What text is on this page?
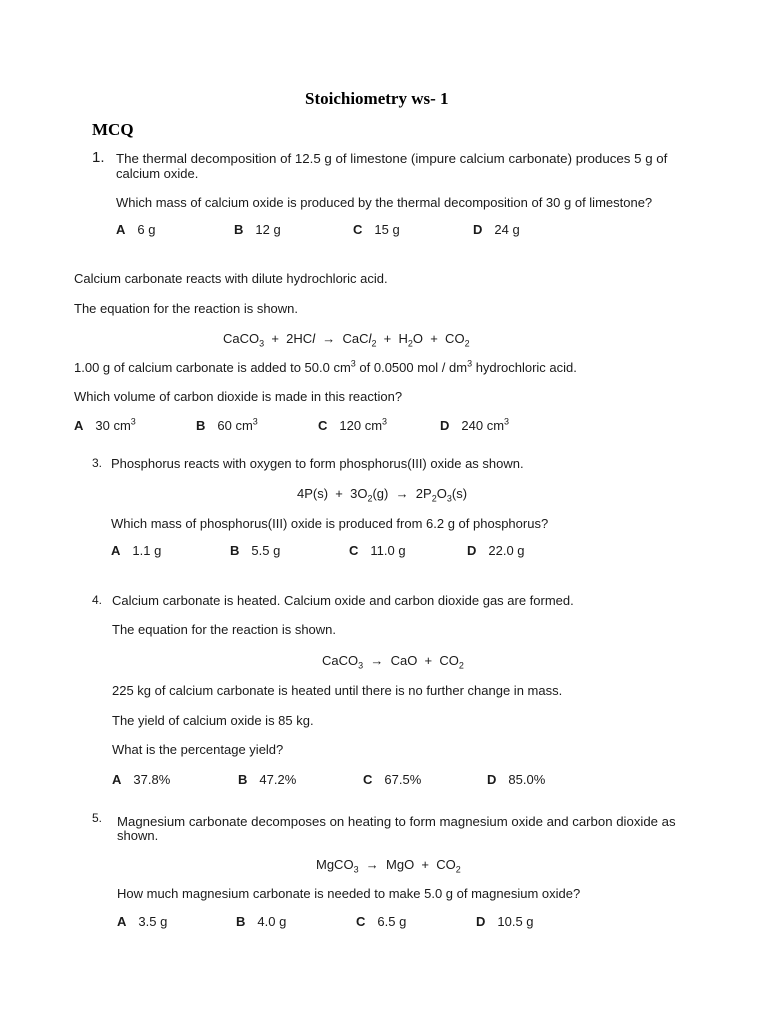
Stoichiometry ws- 1
MCQ
1. The thermal decomposition of 12.5 g of limestone (impure calcium carbonate) produces 5 g of
calcium oxide.
Which mass of calcium oxide is produced by the thermal decomposition of 30 g of limestone?
A 6 g	B 12 g	C 15 g	D 24 g
Calcium carbonate reacts with dilute hydrochloric acid.
The equation for the reaction is shown.
CaCO$_3$  +  2HCl  →  CaCl$_2$  +  $H_2O + CO_2$
1.00 g of calcium carbonate is added to 50.0 $cm^3$ of 0.0500 mol / $dm^3$ hydrochloric acid.
Which volume of carbon dioxide is made in this reaction?
A 30 $cm^3$	B 60 $cm^3$	C 120 $cm^3$	D 240 $cm^3$
3. Phosphorus reacts with oxygen to form phosphorus(III) oxide as shown.
$4P(s) + 3O_2(g) \to 2P_2O_3(s)$
Which mass of phosphorus(III) oxide is produced from 6.2 g of phosphorus?
A 1.1 g	B 5.5 g	C 11.0 g	D 22.0 g
4. Calcium carbonate is heated. Calcium oxide and carbon dioxide gas are formed.
The equation for the reaction is shown.
CaCO$_3$  →  CaO  +  $CO_2$
225 kg of calcium carbonate is heated until there is no further change in mass.
The yield of calcium oxide is 85 kg.
What is the percentage yield?
A 37.8%	B 47.2%	C 67.5%	D 85.0%
5. Magnesium carbonate decomposes on heating to form magnesium oxide and carbon dioxide as
shown.
MgCO$_3$  →  MgO  +  $CO_2$
How much magnesium carbonate is needed to make 5.0 g of magnesium oxide?
A 3.5 g	B 4.0 g	C 6.5 g	D 10.5 g
